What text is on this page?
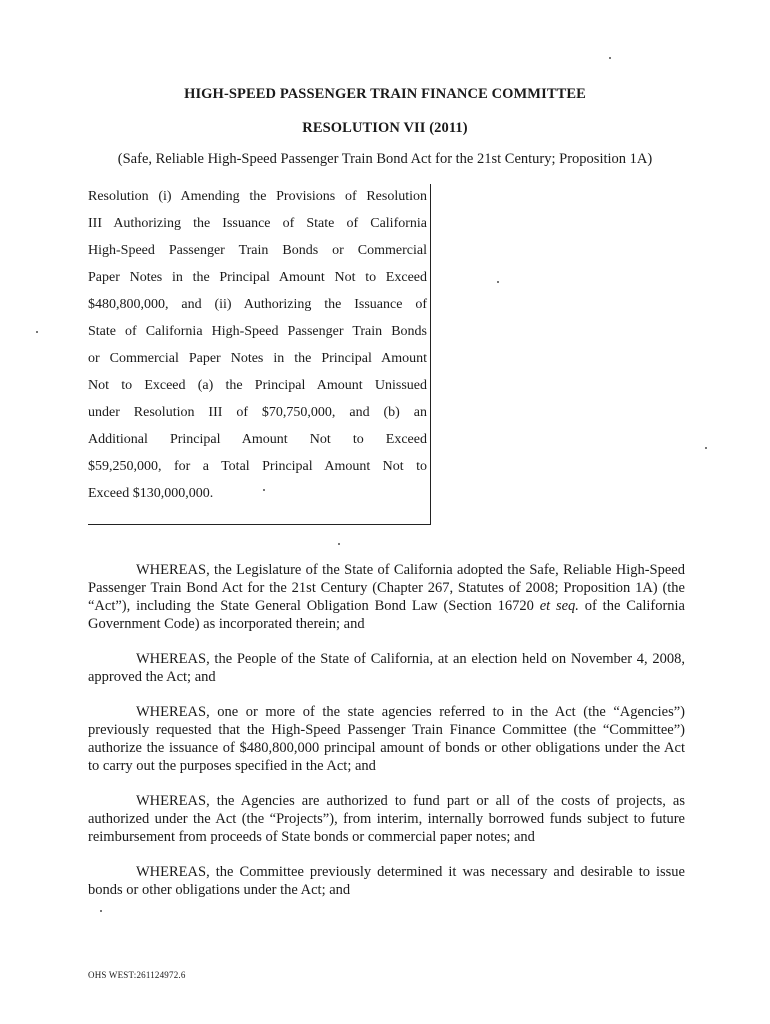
HIGH-SPEED PASSENGER TRAIN FINANCE COMMITTEE
RESOLUTION VII (2011)
(Safe, Reliable High-Speed Passenger Train Bond Act for the 21st Century; Proposition 1A)
Resolution (i) Amending the Provisions of Resolution
III Authorizing the Issuance of State of California
High-Speed Passenger Train Bonds or Commercial
Paper Notes in the Principal Amount Not to Exceed
$480,800,000, and (ii) Authorizing the Issuance of
State of California High-Speed Passenger Train Bonds
or Commercial Paper Notes in the Principal Amount
Not to Exceed (a) the Principal Amount Unissued
under Resolution III of $70,750,000, and (b) an
Additional Principal Amount Not to Exceed
$59,250,000, for a Total Principal Amount Not to
Exceed $130,000,000.

WHEREAS, the Legislature of the State of California adopted the Safe, Reliable High-Speed Passenger Train Bond Act for the 21st Century (Chapter 267, Statutes of 2008; Proposition 1A) (the “Act”), including the State General Obligation Bond Law (Section 16720 et seq. of the California Government Code) as incorporated therein; and

WHEREAS, the People of the State of California, at an election held on November 4, 2008, approved the Act; and

WHEREAS, one or more of the state agencies referred to in the Act (the “Agencies”) previously requested that the High-Speed Passenger Train Finance Committee (the “Committee”) authorize the issuance of $480,800,000 principal amount of bonds or other obligations under the Act to carry out the purposes specified in the Act; and

WHEREAS, the Agencies are authorized to fund part or all of the costs of projects, as authorized under the Act (the “Projects”), from interim, internally borrowed funds subject to future reimbursement from proceeds of State bonds or commercial paper notes; and

WHEREAS, the Committee previously determined it was necessary and desirable to issue bonds or other obligations under the Act; and

OHS WEST:261124972.6
